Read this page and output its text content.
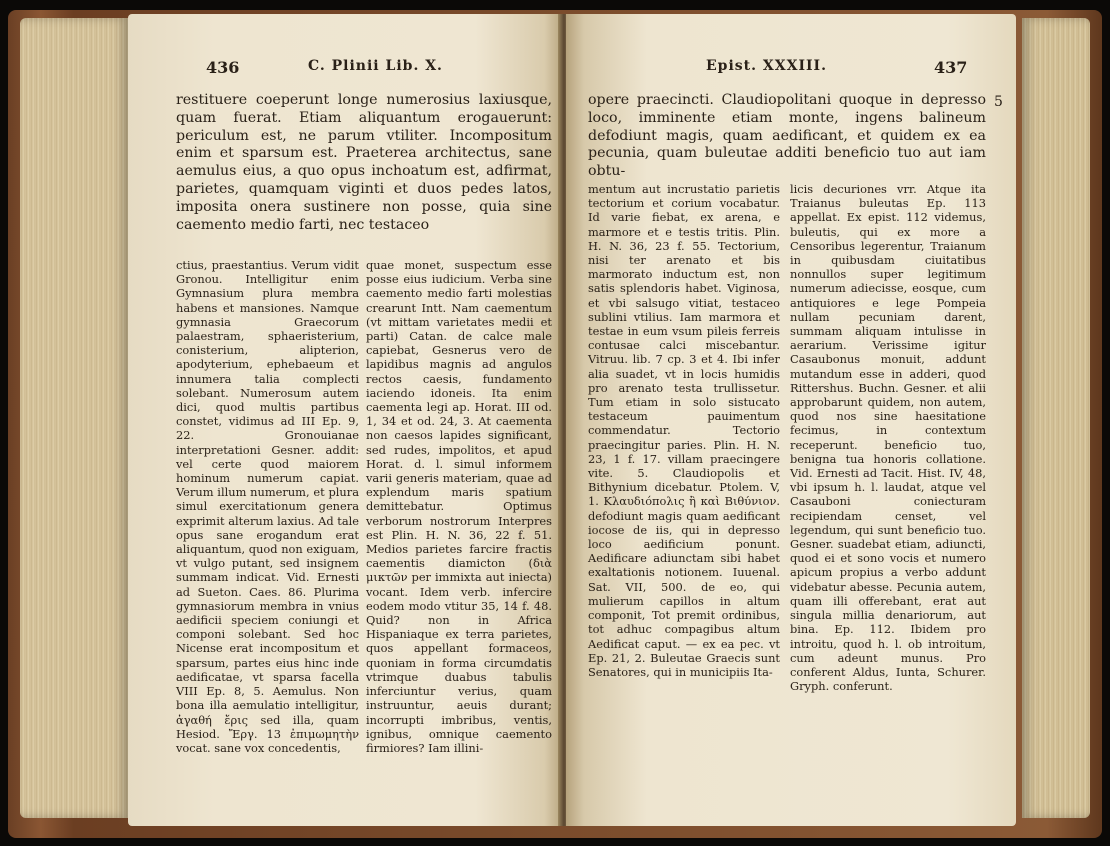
436	C. Plinii Lib. X.
restituere coeperunt longe numerosius laxiusque, quam fuerat. Etiam aliquantum erogauerunt: periculum est, ne parum vtiliter. Incompositum enim et sparsum est. Praeterea architectus, sane aemulus eius, a quo opus inchoatum est, adfirmat, parietes, quamquam viginti et duos pedes latos, imposita onera sustinere non posse, quia sine caemento medio farti, nec testaceo
ctius, praestantius. Verum vidit Gronou. Intelligitur enim Gymnasium plura membra habens et mansiones. Namque gymnasia Graecorum palaestram, sphaeristerium, conisterium, alipterion, apodyterium, ephebaeum et innumera talia complecti solebant. Numerosum autem dici, quod multis partibus constet, vidimus ad III Ep. 9, 22. Gronouianae interpretationi Gesner. addit: vel certe quod maiorem hominum numerum capiat. Verum illum numerum, et plura simul exercitationum genera exprimit alterum laxius. Ad tale opus sane erogandum erat aliquantum, quod non exiguam, vt vulgo putant, sed insignem summam indicat. Vid. Ernesti ad Sueton. Caes. 86. Plurima gymnasiorum membra in vnius aedificii speciem coniungi et componi solebant. Sed hoc Nicense erat incompositum et sparsum, partes eius hinc inde aedificatae, vt sparsa facella VIII Ep. 8, 5. Aemulus. Non bona illa aemulatio intelligitur, ἀγαθή ἔρις sed illa, quam Hesiod. Ἔργ. 13 ἐπιμωμητὴν vocat. sane vox concedentis,
quae monet, suspectum esse posse eius iudicium. Verba sine caemento medio farti molestias crearunt Intt. Nam caementum (vt mittam varietates medii et parti) Catan. de calce male capiebat, Gesnerus vero de lapidibus magnis ad angulos rectos caesis, fundamento iaciendo idoneis. Ita enim caementa legi ap. Horat. III od. 1, 34 et od. 24, 3. At caementa non caesos lapides significant, sed rudes, impolitos, et apud Horat. d. l. simul informem varii generis materiam, quae ad explendum maris spatium demittebatur. Optimus verborum nostrorum Interpres est Plin. H. N. 36, 22 f. 51. Medios parietes farcire fractis caementis diamicton (διὰ μικτῶν per immixta aut iniecta) vocant. Idem verb. infercire eodem modo vtitur 35, 14 f. 48. Quid? non in Africa Hispaniaque ex terra parietes, quos appellant formaceos, quoniam in forma circumdatis vtrimque duabus tabulis inferciuntur verius, quam instruuntur, aeuis durant; incorrupti imbribus, ventis, ignibus, omnique caemento firmiores? Iam illini-
Epist. XXXIII.	437
5
opere praecincti. Claudiopolitani quoque in depresso loco, imminente etiam monte, ingens balineum defodiunt magis, quam aedificant, et quidem ex ea pecunia, quam buleutae additi beneficio tuo aut iam obtu-
mentum aut incrustatio parietis tectorium et corium vocabatur. Id varie fiebat, ex arena, e marmore et e testis tritis. Plin. H. N. 36, 23 f. 55. Tectorium, nisi ter arenato et bis marmorato inductum est, non satis splendoris habet. Viginosa, et vbi salsugo vitiat, testaceo sublini vtilius. Iam marmora et testae in eum vsum pileis ferreis contusae calci miscebantur. Vitruu. lib. 7 cp. 3 et 4. Ibi infer alia suadet, vt in locis humidis pro arenato testa trullissetur. Tum etiam in solo sistucato testaceum pauimentum commendatur. Tectorio praecingitur paries. Plin. H. N. 23, 1 f. 17. villam praecingere vite. 5. Claudiopolis et Bithynium dicebatur. Ptolem. V, 1. Κλαυδιόπολις ἢ καὶ Βιθύνιον. defodiunt magis quam aedificant iocose de iis, qui in depresso loco aedificium ponunt. Aedificare adiunctam sibi habet exaltationis notionem. Iuuenal. Sat. VII, 500. de eo, qui mulierum capillos in altum componit, Tot premit ordinibus, tot adhuc compagibus altum Aedificat caput. — ex ea pec. vt Ep. 21, 2. Buleutae Graecis sunt Senatores, qui in municipiis Ita-
licis decuriones vrr. Atque ita Traianus buleutas Ep. 113 appellat. Ex epist. 112 videmus, buleutis, qui ex more a Censoribus legerentur, Traianum in quibusdam ciuitatibus nonnullos super legitimum numerum adiecisse, eosque, cum antiquiores e lege Pompeia nullam pecuniam darent, summam aliquam intulisse in aerarium. Verissime igitur Casaubonus monuit, addunt mutandum esse in adderi, quod Rittershus. Buchn. Gesner. et alii approbarunt quidem, non autem, quod nos sine haesitatione fecimus, in contextum receperunt. beneficio tuo, benigna tua honoris collatione. Vid. Ernesti ad Tacit. Hist. IV, 48, vbi ipsum h. l. laudat, atque vel Casauboni coniecturam recipiendam censet, vel legendum, qui sunt beneficio tuo. Gesner. suadebat etiam, adiuncti, quod ei et sono vocis et numero apicum propius a verbo addunt videbatur abesse. Pecunia autem, quam illi offerebant, erat aut singula millia denariorum, aut bina. Ep. 112. Ibidem pro introitu, quod h. l. ob introitum, cum adeunt munus. Pro conferent Aldus, Iunta, Schurer. Gryph. conferunt.
